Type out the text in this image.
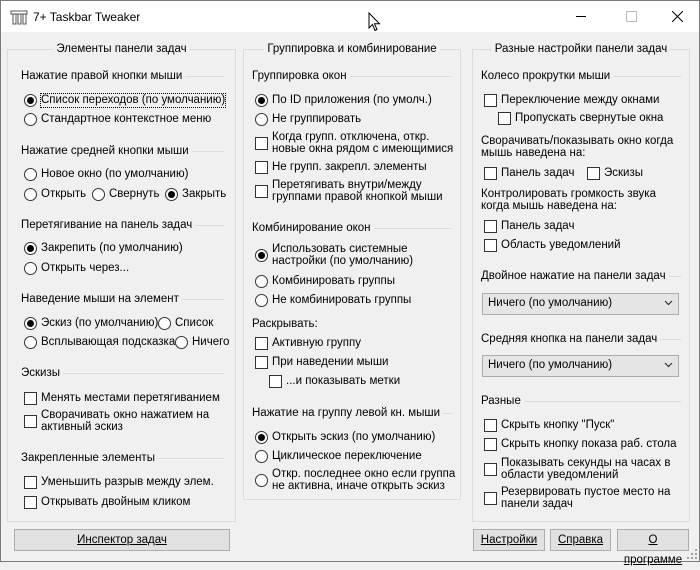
7+ Taskbar Tweaker
Элементы панели задач
Нажатие правой кнопки мыши
Список переходов (по умолчанию)
Стандартное контекстное меню
Нажатие средней кнопки мыши
Новое окно (по умолчанию)
Открыть Свернуть Закрыть
Перетягивание на панель задач
Закрепить (по умолчанию)
Открыть через...
Наведение мыши на элемент
Эскиз (по умолчанию) Список
Всплывающая подсказка Ничего
Эскизы
Менять местами перетягиванием
Сворачивать окно нажатием на активный эскиз
Закрепленные элементы
Уменьшить разрыв между элем.
Открывать двойным кликом
Инспектор задач
Группировка и комбинирование
Группировка окон
По ID приложения (по умолч.)
Не группировать
Когда групп. отключена, откр. новые окна рядом с имеющимися
Не групп. закрепл. элементы
Перетягивать внутри/между группами правой кнопкой мыши
Комбинирование окон
Использовать системные настройки (по умолчанию)
Комбинировать группы
Не комбинировать группы
Раскрывать:
Активную группу
При наведении мыши
...и показывать метки
Нажатие на группу левой кн. мыши
Открыть эскиз (по умолчанию)
Циклическое переключение
Откр. последнее окно если группа не активна, иначе открыть эскиз
Разные настройки панели задач
Колесо прокрутки мыши
Переключение между окнами
Пропускать свернутые окна
Сворачивать/показывать окно когда мышь наведена на:
Панель задач	Эскизы
Контролировать громкость звука когда мышь наведена на:
Панель задач
Область уведомлений
Двойное нажатие на панели задач
Ничего (по умолчанию)
Средняя кнопка на панели задач
Ничего (по умолчанию)
Разные
Скрыть кнопку "Пуск"
Скрыть кнопку показа раб. стола
Показывать секунды на часах в области уведомлений
Резервировать пустое место на панели задач
Настройки	Справка	О программе
